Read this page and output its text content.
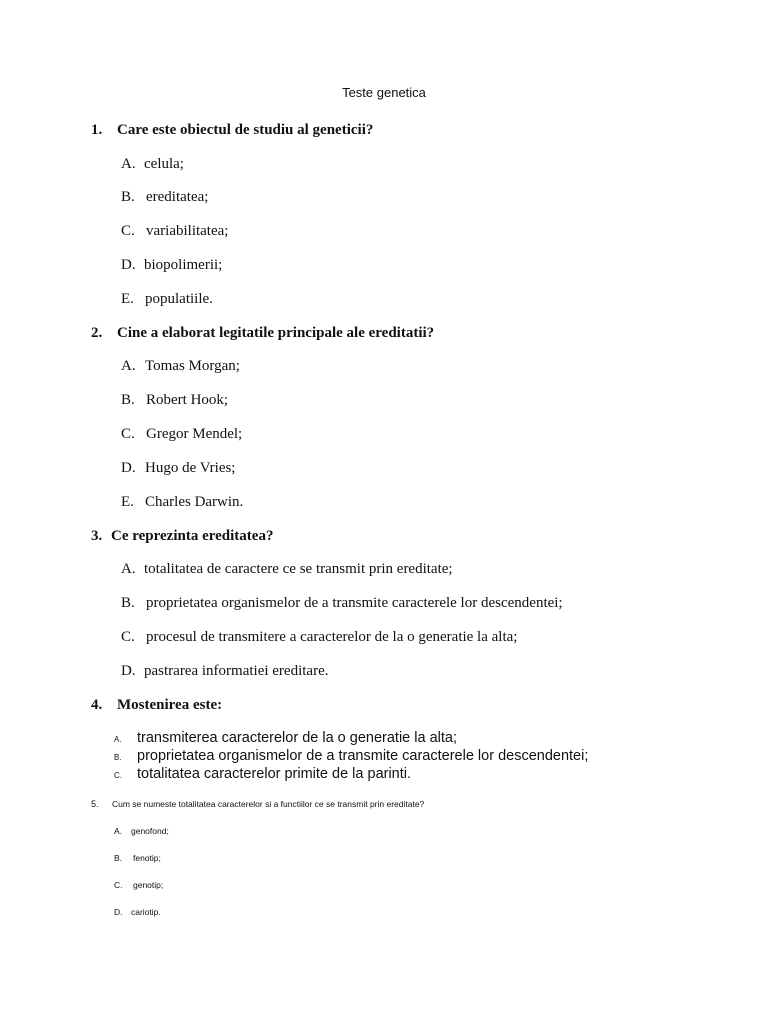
Teste genetica
1. Care este obiectul de studiu al geneticii?
A. celula;
B. ereditatea;
C. variabilitatea;
D. biopolimerii;
E. populatiile.
2. Cine a elaborat legitatile principale ale ereditatii?
A. Tomas Morgan;
B. Robert Hook;
C. Gregor Mendel;
D. Hugo de Vries;
E. Charles Darwin.
3. Ce reprezinta ereditatea?
A. totalitatea de caractere ce se transmit prin ereditate;
B. proprietatea organismelor de a transmite caracterele lor descendentei;
C. procesul de transmitere a caracterelor de la o generatie la alta;
D. pastrarea informatiei ereditare.
4. Mostenirea este:
A. transmiterea caracterelor de la o generatie la alta;
B. proprietatea organismelor de a transmite caracterele lor descendentei;
C. totalitatea caracterelor primite de la parinti.
5. Cum se numeste totalitatea caracterelor si a functiilor ce se transmit prin ereditate?
A. genofond;
B. fenotip;
C. genotip;
D. cariotip.
